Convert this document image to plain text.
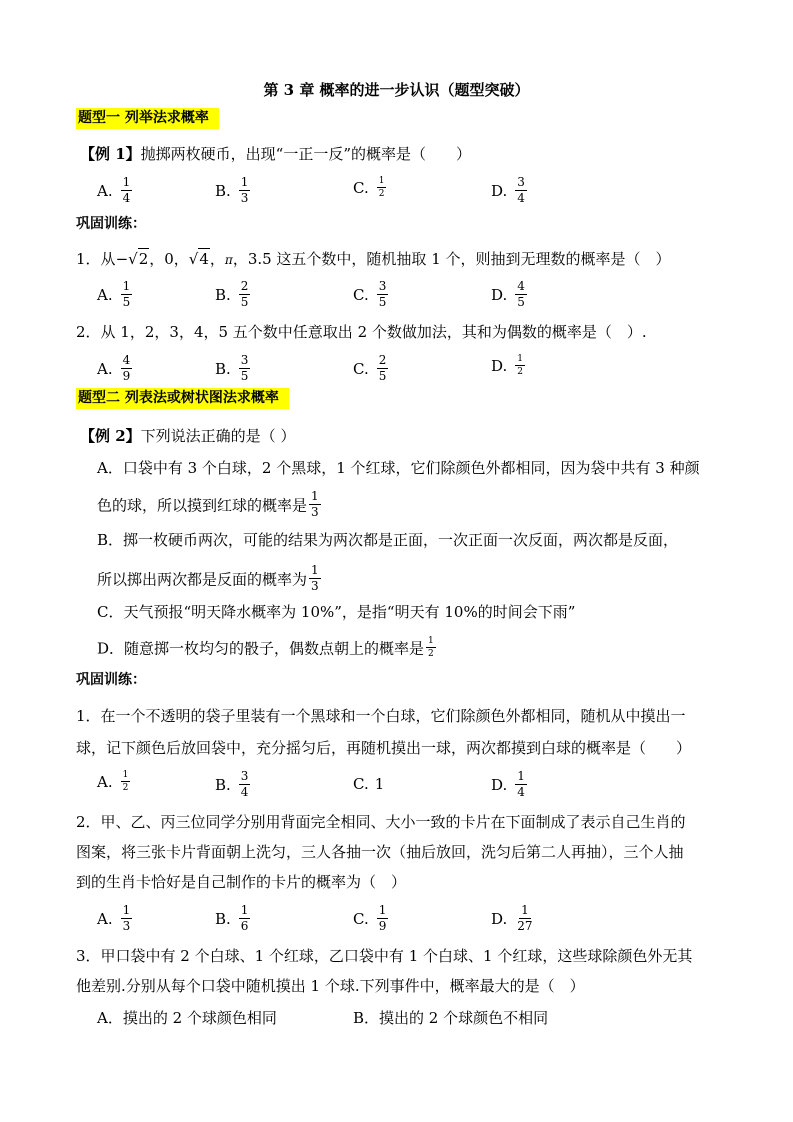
第 3 章 概率的进一步认识（题型突破）
题型一 列举法求概率
【例 1】抛掷两枚硬币，出现“一正一反”的概率是（　　）
A. $\frac{1}{4}$	B. $\frac{1}{3}$	C. $\frac{1}{2}$	D. $\frac{3}{4}$
巩固训练：
1．从−√2，0，√4，π，3.5 这五个数中，随机抽取 1 个，则抽到无理数的概率是（　）
A. $\frac{1}{5}$	B. $\frac{2}{5}$	C. $\frac{3}{5}$	D. $\frac{4}{5}$
2．从 1，2，3，4，5 五个数中任意取出 2 个数做加法，其和为偶数的概率是（　）.
A. $\frac{4}{9}$	B. $\frac{3}{5}$	C. $\frac{2}{5}$	D. $\frac{1}{2}$
题型二 列表法或树状图法求概率
【例 2】下列说法正确的是（ ）
A．口袋中有 3 个白球，2 个黑球，1 个红球，它们除颜色外都相同，因为袋中共有 3 种颜
色的球，所以摸到红球的概率是 $\frac{1}{3}$
B．掷一枚硬币两次，可能的结果为两次都是正面，一次正面一次反面，两次都是反面，
所以掷出两次都是反面的概率为 $\frac{1}{3}$
C．天气预报“明天降水概率为 10%”，是指“明天有 10%的时间会下雨”
D．随意掷一枚均匀的骰子，偶数点朝上的概率是 $\frac{1}{2}$
巩固训练：
1．在一个不透明的袋子里装有一个黑球和一个白球，它们除颜色外都相同，随机从中摸出一
球，记下颜色后放回袋中，充分摇匀后，再随机摸出一球，两次都摸到白球的概率是（　　）
A. $\frac{1}{2}$	B. $\frac{3}{4}$	C. 1	D. $\frac{1}{4}$
2．甲、乙、丙三位同学分别用背面完全相同、大小一致的卡片在下面制成了表示自己生肖的
图案，将三张卡片背面朝上洗匀，三人各抽一次（抽后放回，洗匀后第二人再抽），三个人抽
到的生肖卡恰好是自己制作的卡片的概率为（　）
A. $\frac{1}{3}$	B. $\frac{1}{6}$	C. $\frac{1}{9}$	D. $\frac{1}{27}$
3．甲口袋中有 2 个白球、1 个红球，乙口袋中有 1 个白球、1 个红球，这些球除颜色外无其
他差别.分别从每个口袋中随机摸出 1 个球.下列事件中，概率最大的是（　）
A．摸出的 2 个球颜色相同	B．摸出的 2 个球颜色不相同
